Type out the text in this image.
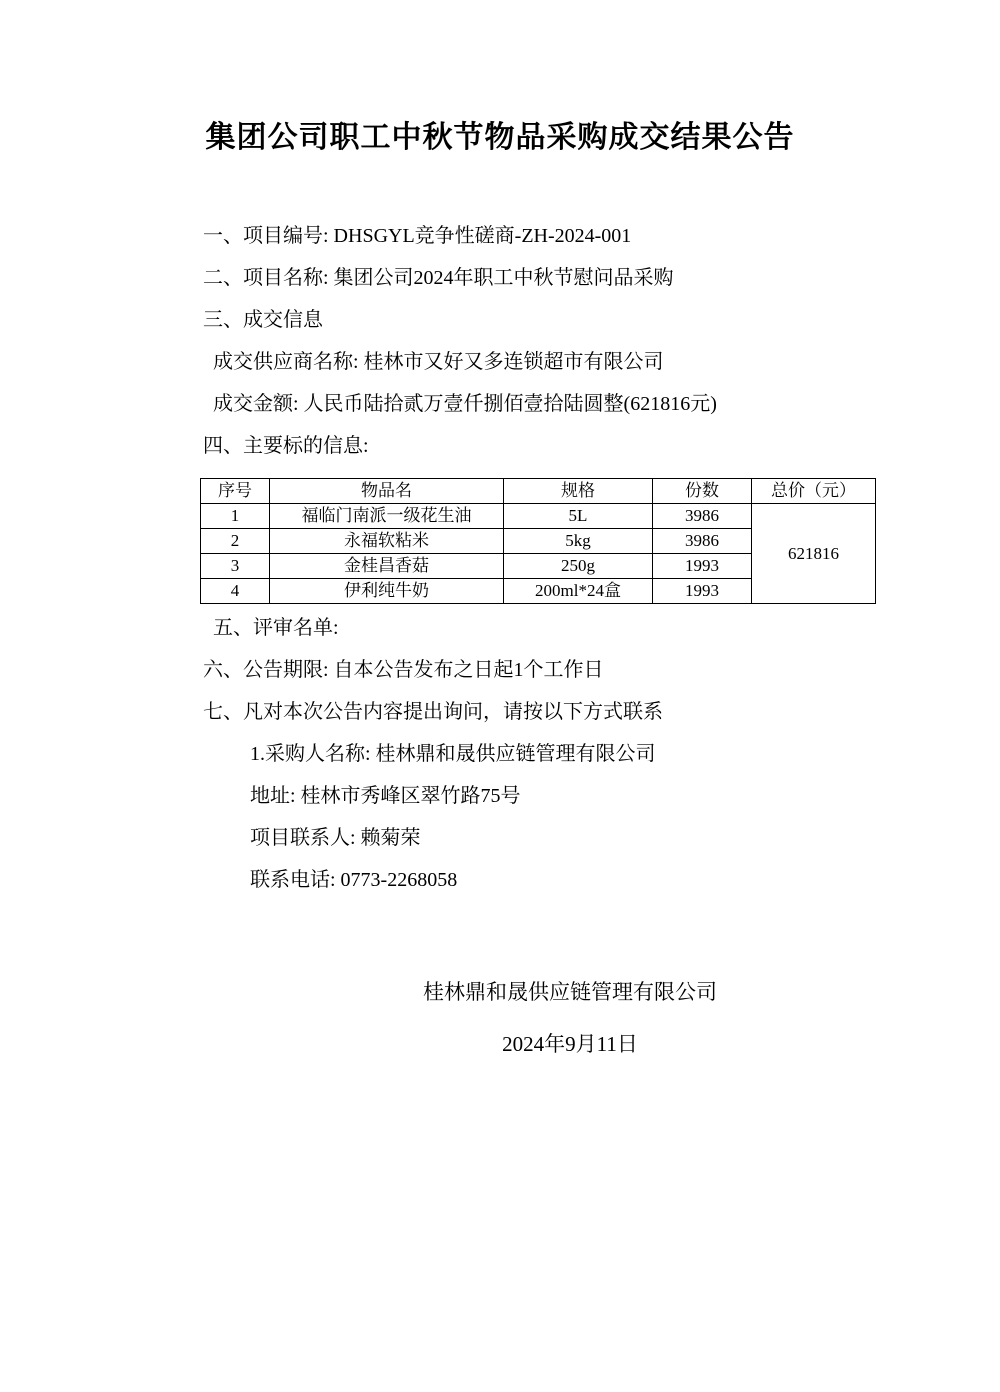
集团公司职工中秋节物品采购成交结果公告
一、项目编号: DHSGYL竞争性磋商-ZH-2024-001
二、项目名称: 集团公司2024年职工中秋节慰问品采购
三、成交信息
成交供应商名称: 桂林市又好又多连锁超市有限公司
成交金额: 人民币陆拾贰万壹仟捌佰壹拾陆圆整(621816元)
四、主要标的信息:
序号	物品名	规格	份数	总价（元）
1	福临门南派一级花生油	5L	3986	621816
2	永福软粘米	5kg	3986	
3	金桂昌香菇	250g	1993	
4	伊利纯牛奶	200ml*24盒	1993	
五、评审名单:
六、公告期限: 自本公告发布之日起1个工作日
七、凡对本次公告内容提出询问，请按以下方式联系
1.采购人名称: 桂林鼎和晟供应链管理有限公司
地址: 桂林市秀峰区翠竹路75号
项目联系人: 赖菊荣
联系电话: 0773-2268058
桂林鼎和晟供应链管理有限公司
2024年9月11日
